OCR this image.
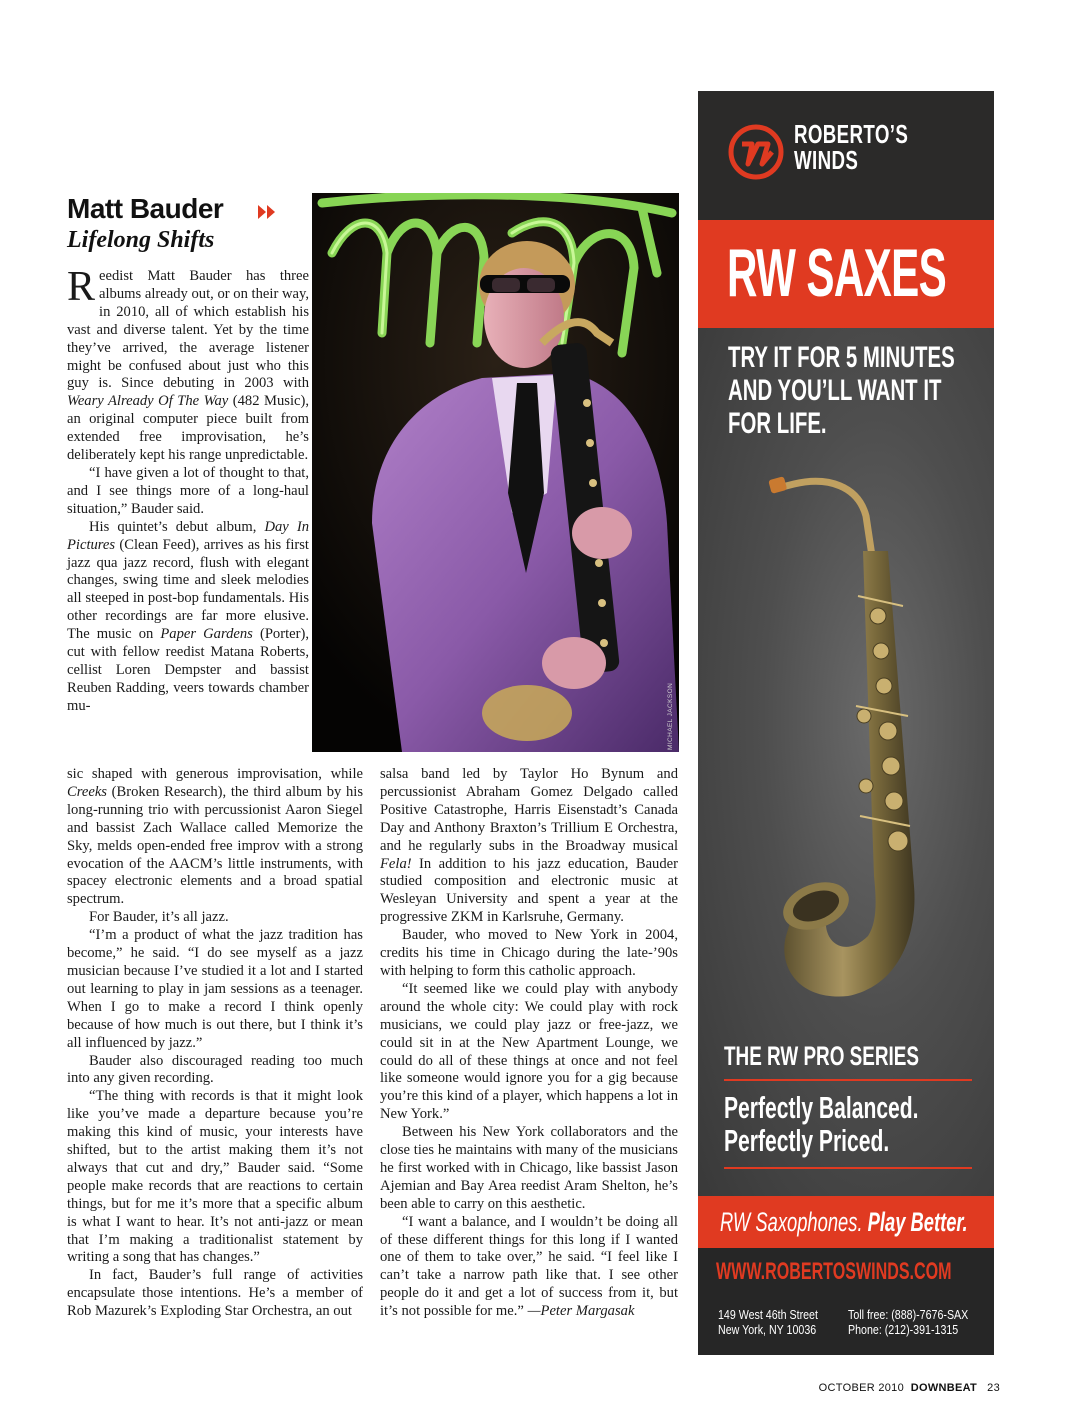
Matt Bauder
Lifelong Shifts

Reedist Matt Bauder has three albums already out, or on their way, in 2010, all of which establish his vast and diverse talent. Yet by the time they’ve arrived, the average listener might be confused about just who this guy is. Since debuting in 2003 with Weary Already Of The Way (482 Music), an original computer piece built from extended free improvisation, he’s deliberately kept his range unpredictable.

“I have given a lot of thought to that, and I see things more of a long-haul situation,” Bauder said.

His quintet’s debut album, Day In Pictures (Clean Feed), arrives as his first jazz qua jazz record, flush with elegant changes, swing time and sleek melodies all steeped in post-bop fundamentals. His other recordings are far more elusive. The music on Paper Gardens (Porter), cut with fellow reedist Matana Roberts, cellist Loren Dempster and bassist Reuben Radding, veers towards chamber mu-

sic shaped with generous improvisation, while Creeks (Broken Research), the third album by his long-running trio with percussionist Aaron Siegel and bassist Zach Wallace called Memorize the Sky, melds open-ended free improv with a strong evocation of the AACM’s little instruments, with spacey electronic elements and a broad spatial spectrum.

For Bauder, it’s all jazz.

“I’m a product of what the jazz tradition has become,” he said. “I do see myself as a jazz musician because I’ve studied it a lot and I started out learning to play in jam sessions as a teenager. When I go to make a record I think openly because of how much is out there, but I think it’s all influenced by jazz.”

Bauder also discouraged reading too much into any given recording.

“The thing with records is that it might look like you’ve made a departure because you’re making this kind of music, your interests have shifted, but to the artist making them it’s not always that cut and dry,” Bauder said. “Some people make records that are reactions to certain things, but for me it’s more that a specific album is what I want to hear. It’s not anti-jazz or mean that I’m making a traditionalist statement by writing a song that has changes.”

In fact, Bauder’s full range of activities encapsulate those intentions. He’s a member of Rob Mazurek’s Exploding Star Orchestra, an out

salsa band led by Taylor Ho Bynum and percussionist Abraham Gomez Delgado called Positive Catastrophe, Harris Eisenstadt’s Canada Day and Anthony Braxton’s Trillium E Orchestra, and he regularly subs in the Broadway musical Fela! In addition to his jazz education, Bauder studied composition and electronic music at Wesleyan University and spent a year at the progressive ZKM in Karlsruhe, Germany.

Bauder, who moved to New York in 2004, credits his time in Chicago during the late-’90s with helping to form this catholic approach.

“It seemed like we could play with anybody around the whole city: We could play with rock musicians, we could play jazz or free-jazz, we could sit in at the New Apartment Lounge, we could do all of these things at once and not feel like someone would ignore you for a gig because you’re this kind of a player, which happens a lot in New York.”

Between his New York collaborators and the close ties he maintains with many of the musicians he first worked with in Chicago, like bassist Jason Ajemian and Bay Area reedist Aram Shelton, he’s been able to carry on this aesthetic.

“I want a balance, and I wouldn’t be doing all of these different things for this long if I wanted one of them to take over,” he said. “I feel like I can’t take a narrow path like that. I see other people do it and get a lot of success from it, but it’s not possible for me.” —Peter Margasak

MICHAEL JACKSON
ROBERTO’S
WINDS
RW SAXES
TRY IT FOR 5 MINUTES
AND YOU’LL WANT IT
FOR LIFE.
THE RW PRO SERIES
Perfectly Balanced.
Perfectly Priced.
RW Saxophones. Play Better.
WWW.ROBERTOSWINDS.COM
149 West 46th Street
New York, NY 10036
Toll free: (888)-7676-SAX
Phone: (212)-391-1315
OCTOBER 2010 DOWNBEAT 23
